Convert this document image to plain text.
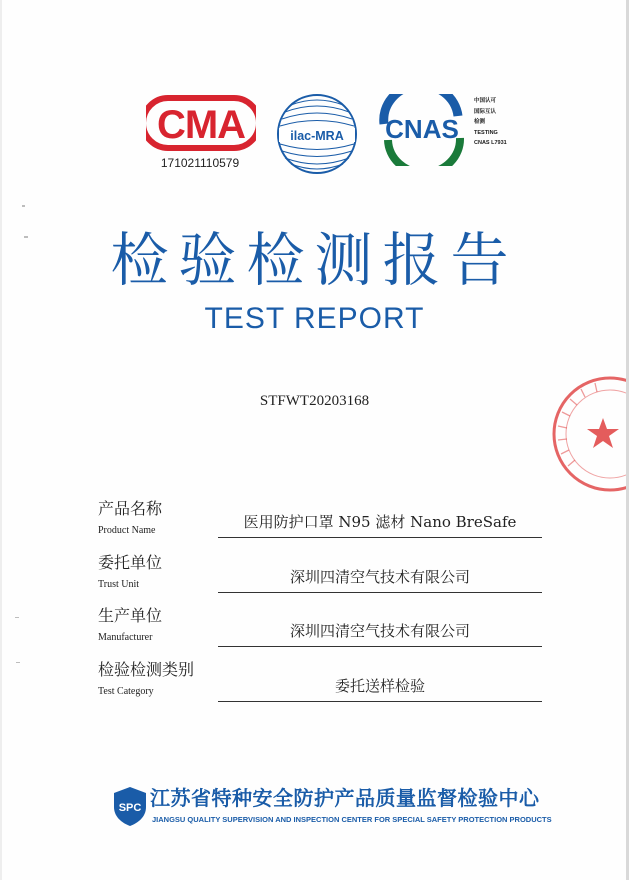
CMA
171021110579
ilac-MRA CNAS
中国认可
国际互认
检测
TESTING
CNAS L7931
检验检测报告
TEST REPORT
STFWT20203168
产品名称
Product Name	医用防护口罩 N95 滤材 Nano BreSafe
委托单位
Trust Unit	深圳四清空气技术有限公司
生产单位
Manufacturer	深圳四清空气技术有限公司
检验检测类别
Test Category	委托送样检验
SPC 江苏省特种安全防护产品质量监督检验中心
JIANGSU QUALITY SUPERVISION AND INSPECTION CENTER FOR SPECIAL SAFETY PROTECTION PRODUCTS
